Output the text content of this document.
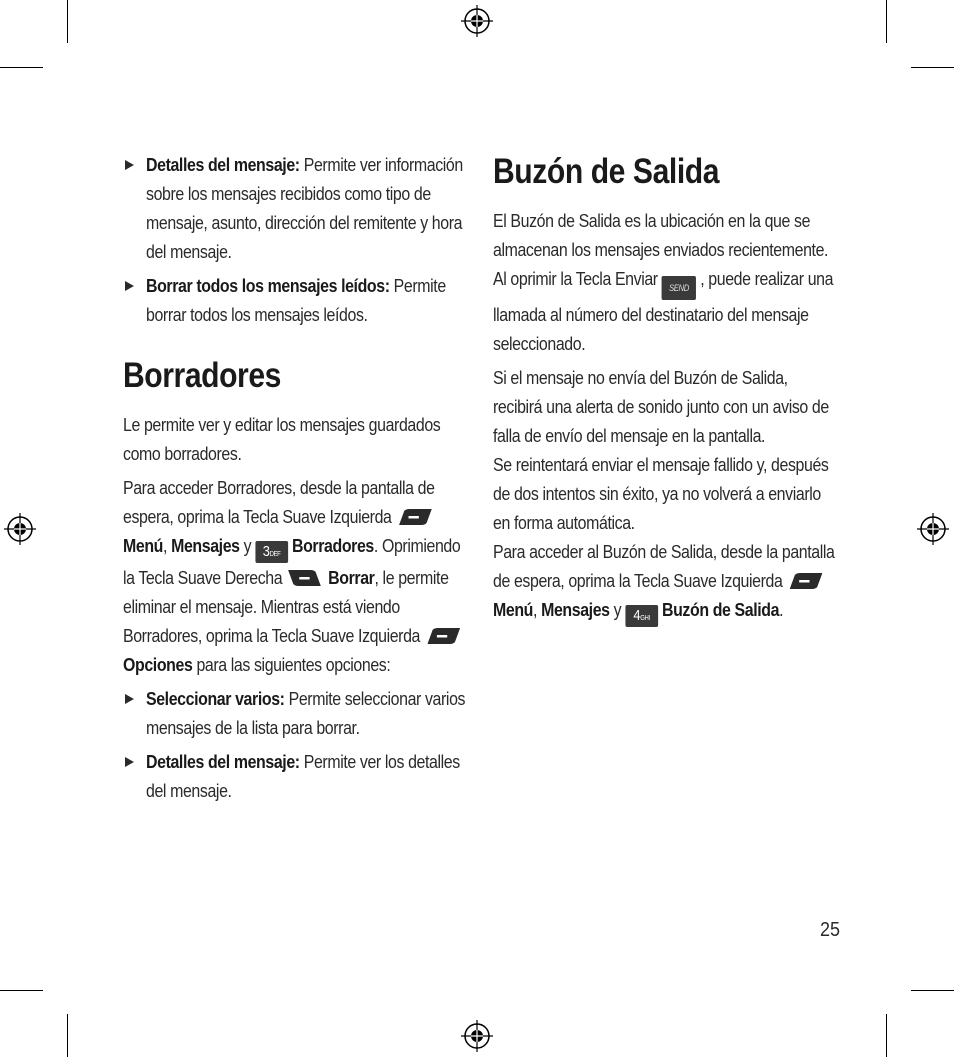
Detalles del mensaje: Permite ver información sobre los mensajes recibidos como tipo de mensaje, asunto, dirección del remitente y hora del mensaje.
Borrar todos los mensajes leídos: Permite borrar todos los mensajes leídos.
Borradores

Le permite ver y editar los mensajes guardados como borradores.

Para acceder Borradores, desde la pantalla de espera, oprima la Tecla Suave Izquierda  Menú, Mensajes y 3DEF Borradores. Oprimiendo la Tecla Suave Derecha  Borrar, le permite eliminar el mensaje. Mientras está viendo Borradores, oprima la Tecla Suave Izquierda  Opciones para las siguientes opciones:

Seleccionar varios: Permite seleccionar varios mensajes de la lista para borrar.
Detalles del mensaje: Permite ver los detalles del mensaje.
Buzón de Salida

El Buzón de Salida es la ubicación en la que se almacenan los mensajes enviados recientemente. Al oprimir la Tecla Enviar SEND , puede realizar una llamada al número del destinatario del mensaje seleccionado.

Si el mensaje no envía del Buzón de Salida, recibirá una alerta de sonido junto con un aviso de falla de envío del mensaje en la pantalla.

Se reintentará enviar el mensaje fallido y, después de dos intentos sin éxito, ya no volverá a enviarlo en forma automática.

Para acceder al Buzón de Salida, desde la pantalla de espera, oprima la Tecla Suave Izquierda  Menú, Mensajes y 4GHI Buzón de Salida.

25
